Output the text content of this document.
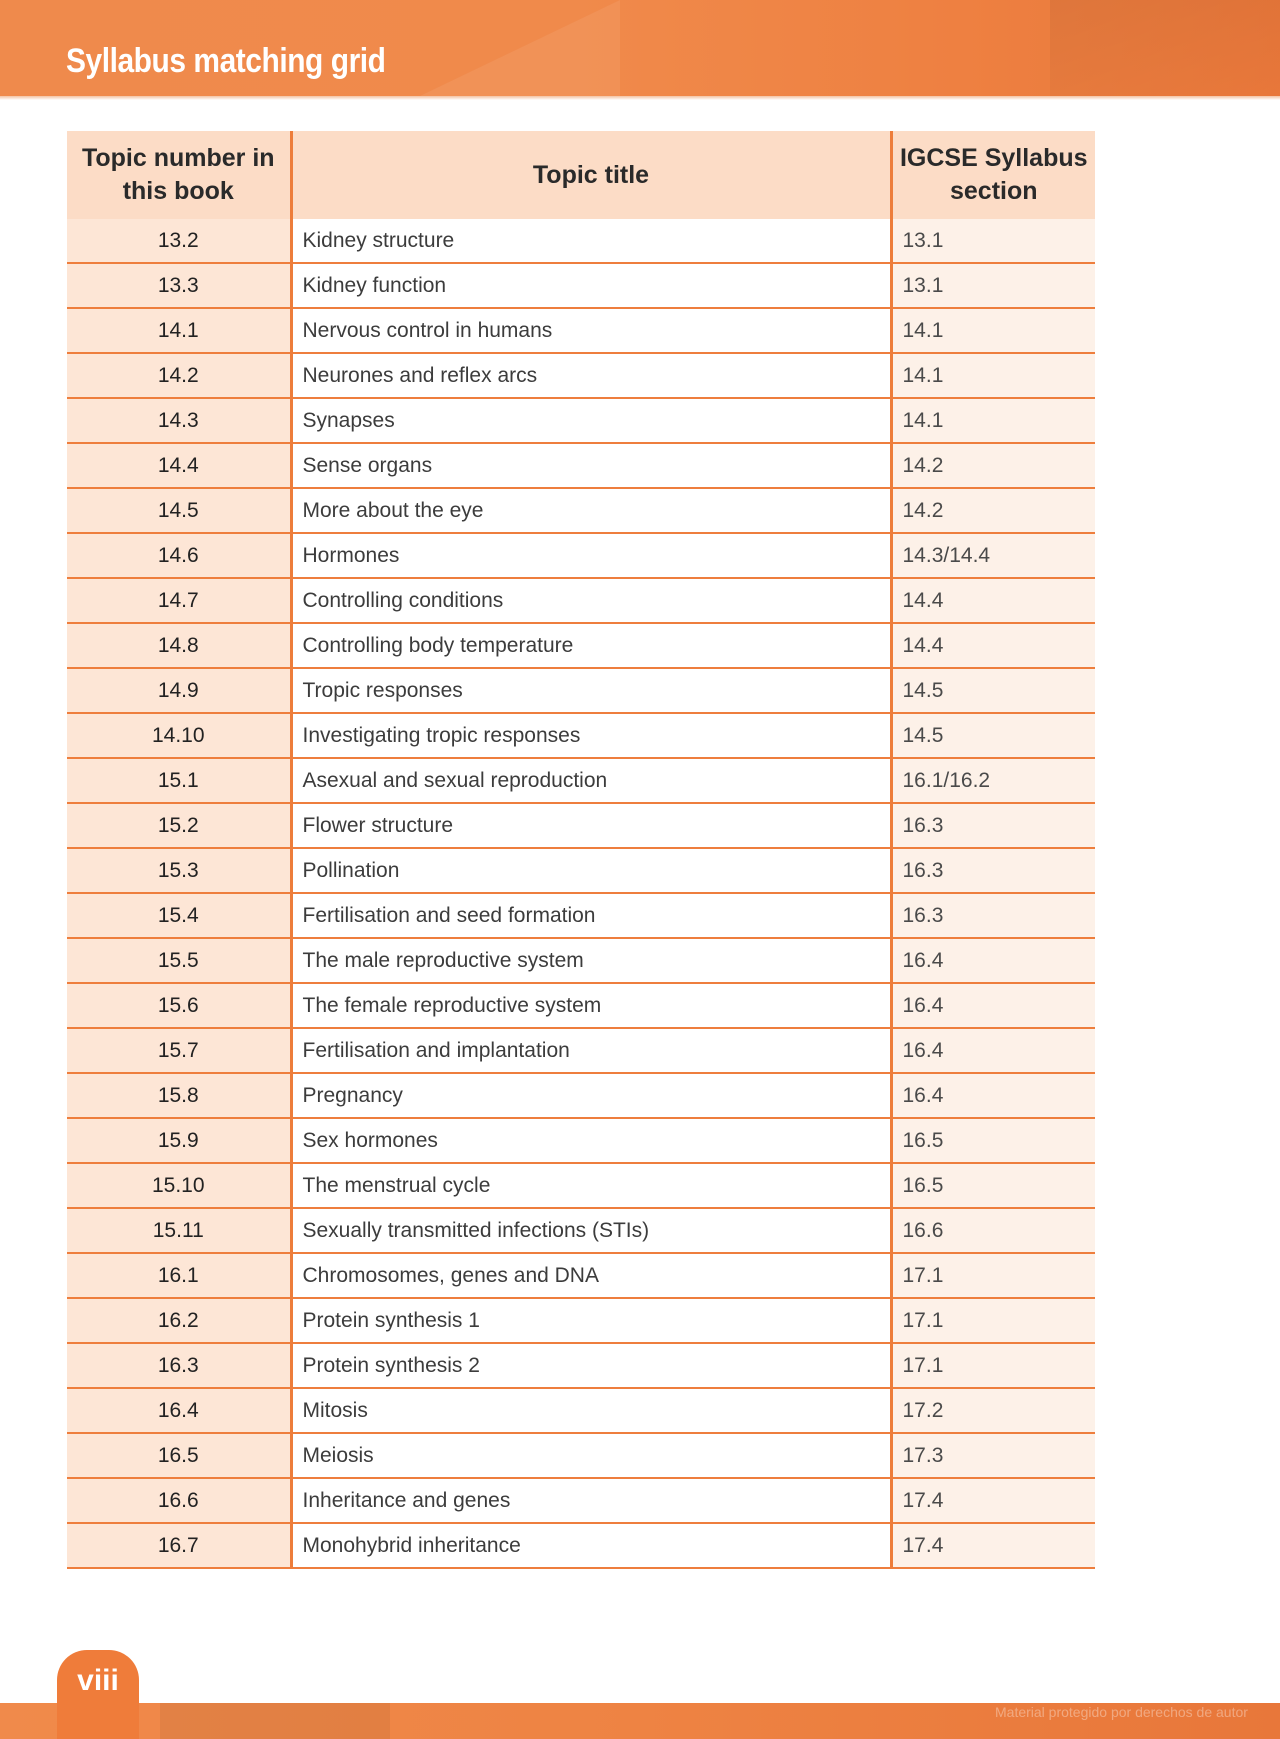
Syllabus matching grid
Topic number in this book	Topic title	IGCSE Syllabus section
13.2	Kidney structure	13.1
13.3	Kidney function	13.1
14.1	Nervous control in humans	14.1
14.2	Neurones and reflex arcs	14.1
14.3	Synapses	14.1
14.4	Sense organs	14.2
14.5	More about the eye	14.2
14.6	Hormones	14.3/14.4
14.7	Controlling conditions	14.4
14.8	Controlling body temperature	14.4
14.9	Tropic responses	14.5
14.10	Investigating tropic responses	14.5
15.1	Asexual and sexual reproduction	16.1/16.2
15.2	Flower structure	16.3
15.3	Pollination	16.3
15.4	Fertilisation and seed formation	16.3
15.5	The male reproductive system	16.4
15.6	The female reproductive system	16.4
15.7	Fertilisation and implantation	16.4
15.8	Pregnancy	16.4
15.9	Sex hormones	16.5
15.10	The menstrual cycle	16.5
15.11	Sexually transmitted infections (STIs)	16.6
16.1	Chromosomes, genes and DNA	17.1
16.2	Protein synthesis 1	17.1
16.3	Protein synthesis 2	17.1
16.4	Mitosis	17.2
16.5	Meiosis	17.3
16.6	Inheritance and genes	17.4
16.7	Monohybrid inheritance	17.4
Material protegido por derechos de autor
viii
